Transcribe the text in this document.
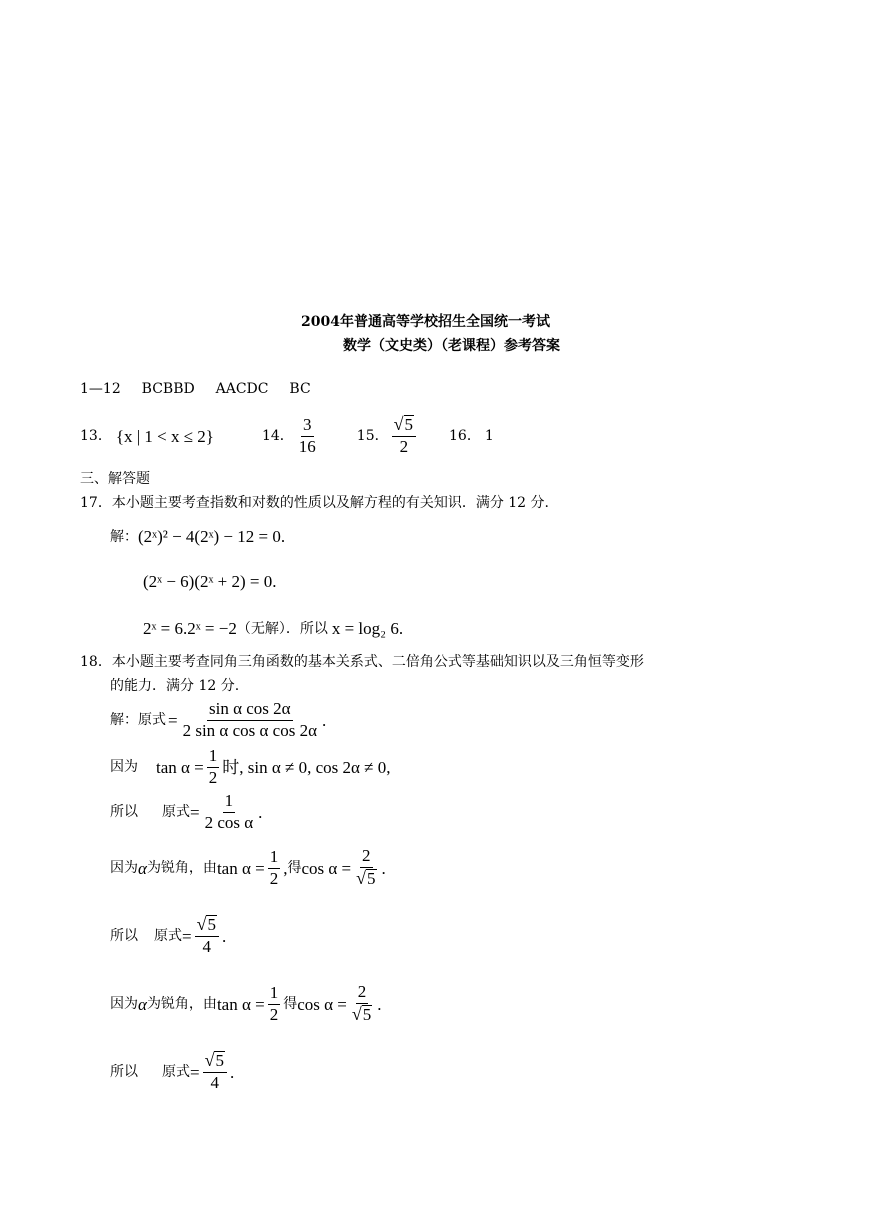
2004年普通高等学校招生全国统一考试
数学（文史类）（老课程）参考答案
1—12 BCBBD AACDC BC
13． {x | 1 < x ≤ 2}	14． $\frac{3}{16}$	15． $\frac{√ 5}{2} 16$． 1
三、解答题
17．本小题主要考查指数和对数的性质以及解方程的有关知识．满分 12 分.
解： (2ˣ)² − 4(2ˣ) − 12 = 0.
(2ˣ − 6)(2ˣ + 2) = 0.
2ˣ = 6.2ˣ = −2 （无解）．所以 x = log₂ 6.
18．本小题主要考查同角三角函数的基本关系式、二倍角公式等基础知识以及三角恒等变形
的能力．满分 12 分.
解：原式 = $\frac{\text{sin α cos 2α}}{\text{2 sin α cos α cos 2α}}$ .
因为 $\tan \alpha = \frac{1}{2}$ 时, sin α ≠ 0, cos 2α ≠ 0,
所以 原式 = $\frac{1}{\text{2 cos α}}$ .
因为 α 为锐角，由 $\tan \alpha = \frac{1}{2}$ , 得 $\cos \alpha = \frac{2}{√ 5}$ .
所以 原式 = $\frac{√ 5}{4}$ .
因为 α 为锐角，由 $\tan \alpha = \frac{1}{2}$ 得 $\cos \alpha = \frac{2}{√ 5}$ .
所以 原式 = $\frac{√ 5}{4}$ .
